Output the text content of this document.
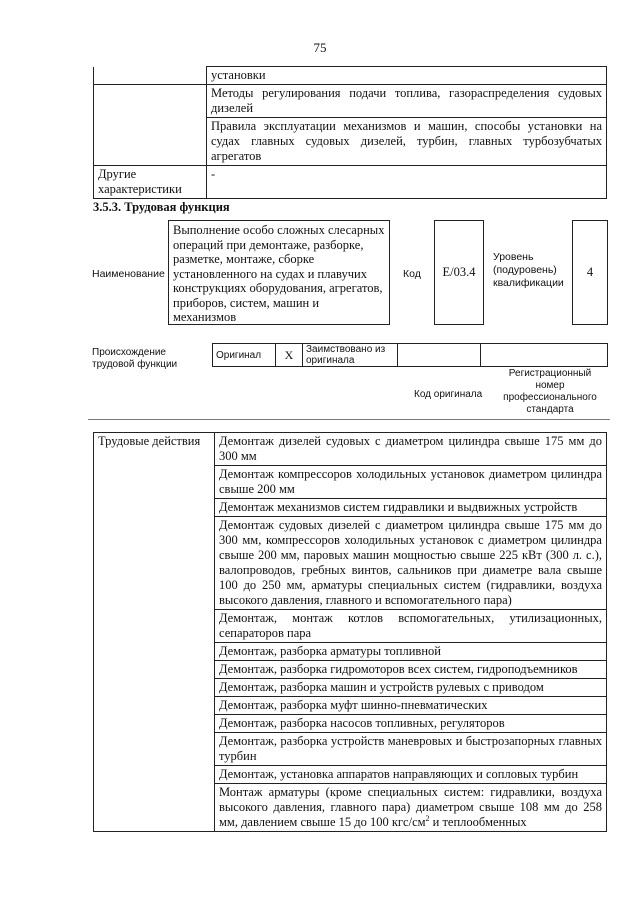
75
	установки
	Методы регулирования подачи топлива, газораспределения судовых дизелей
	Правила эксплуатации механизмов и машин, способы установки на судах главных судовых дизелей, турбин, главных турбозубчатых агрегатов
Другие характеристики	-
3.5.3. Трудовая функция
Наименование
Выполнение особо сложных слесарных операций при демонтаже, разборке, разметке, монтаже, сборке установленного на судах и плавучих конструкциях оборудования, агрегатов, приборов, систем, машин и механизмов
Код E/03.4
Уровень (подуровень) квалификации
4
Происхождение трудовой функции
Оригинал	X	Заимствовано из оригинала		
Код оригинала
Регистрационный номер профессионального стандарта
Трудовые действия	Демонтаж дизелей судовых с диаметром цилиндра свыше 175 мм до 300 мм
Демонтаж компрессоров холодильных установок диаметром цилиндра свыше 200 мм
Демонтаж механизмов систем гидравлики и выдвижных устройств
Демонтаж судовых дизелей с диаметром цилиндра свыше 175 мм до 300 мм, компрессоров холодильных установок с диаметром цилиндра свыше 200 мм, паровых машин мощностью свыше 225 кВт (300 л. с.), валопроводов, гребных винтов, сальников при диаметре вала свыше 100 до 250 мм, арматуры специальных систем (гидравлики, воздуха высокого давления, главного и вспомогательного пара)
Демонтаж, монтаж котлов вспомогательных, утилизационных, сепараторов пара
Демонтаж, разборка арматуры топливной
Демонтаж, разборка гидромоторов всех систем, гидроподъемников
Демонтаж, разборка машин и устройств рулевых с приводом
Демонтаж, разборка муфт шинно-пневматических
Демонтаж, разборка насосов топливных, регуляторов
Демонтаж, разборка устройств маневровых и быстрозапорных главных турбин
Демонтаж, установка аппаратов направляющих и сопловых турбин
Монтаж арматуры (кроме специальных систем: гидравлики, воздуха высокого давления, главного пара) диаметром свыше 108 мм до 258 мм, давлением свыше 15 до 100 кгс/$см^2$ и теплообменных
